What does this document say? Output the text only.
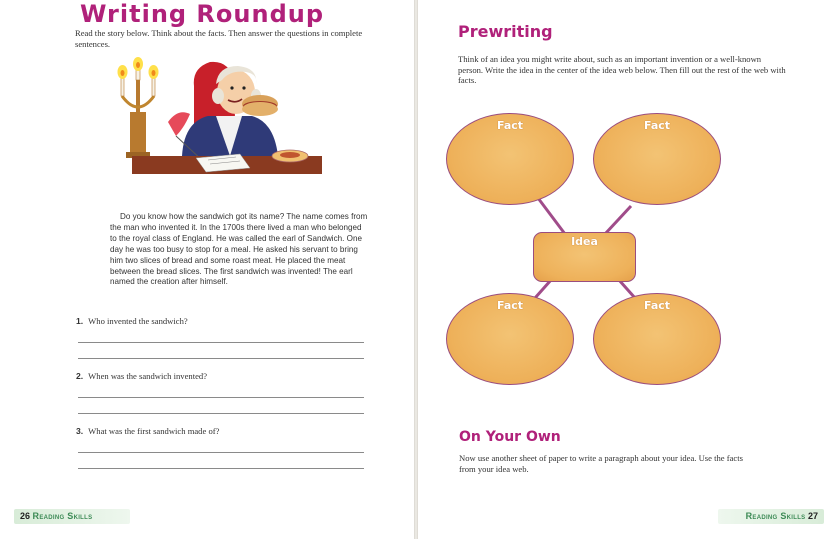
Writing Roundup
Read the story below. Think about the facts. Then answer the questions in complete sentences.

Do you know how the sandwich got its name? The name comes from the man who invented it. In the 1700s there lived a man who belonged to the royal class of England. He was called the earl of Sandwich. One day he was too busy to stop for a meal. He asked his servant to bring him two slices of bread and some roast meat. He placed the meat between the bread slices. The first sandwich was invented! The earl named the creation after himself.

1. Who invented the sandwich?
2. When was the sandwich invented?
3. What was the first sandwich made of?
26 Reading Skills
Prewriting
Think of an idea you might write about, such as an important invention or a well-known person. Write the idea in the center of the idea web below. Then fill out the rest of the web with facts.
Fact	Fact
Idea
Fact	Fact
On Your Own
Now use another sheet of paper to write a paragraph about your idea. Use the facts from your idea web.
Reading Skills 27
